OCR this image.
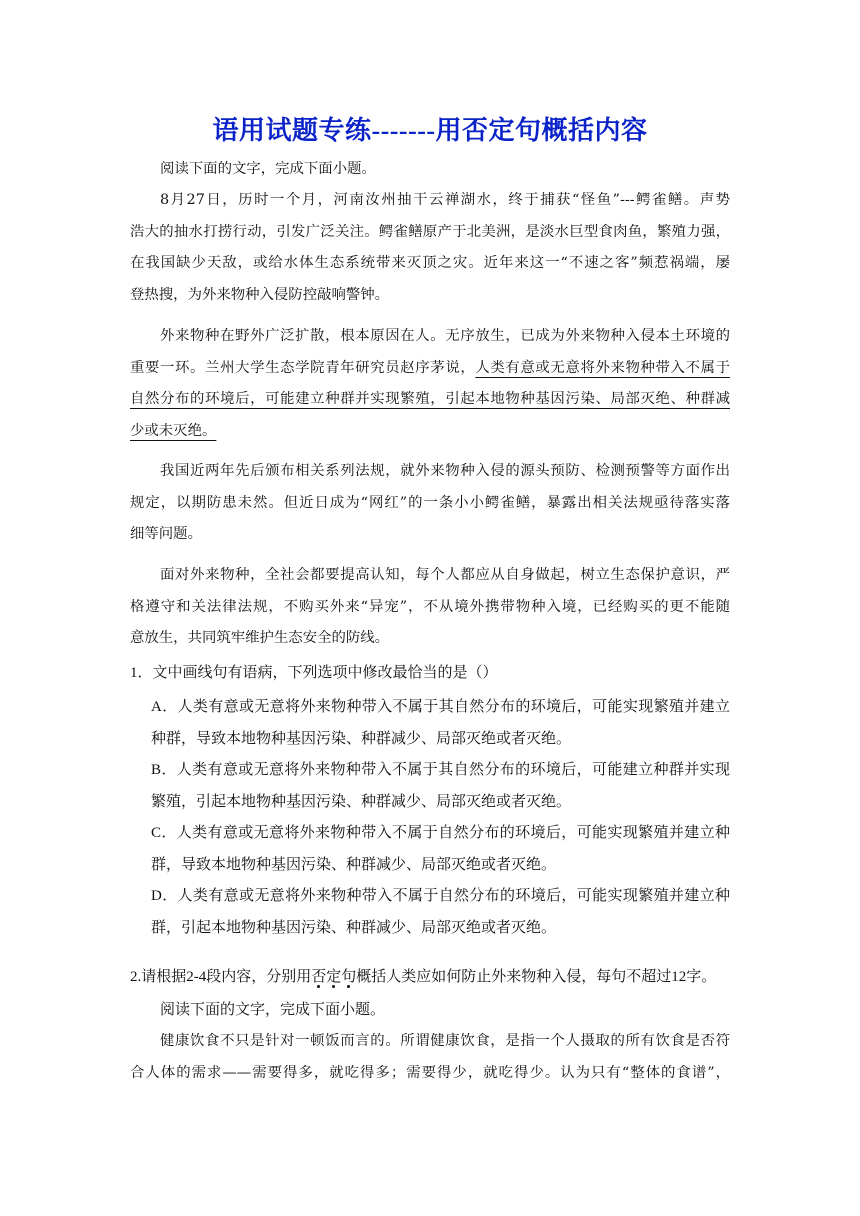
语用试题专练-------用否定句概括内容
阅读下面的文字，完成下面小题。
8月27日，历时一个月，河南汝州抽干云禅湖水，终于捕获“怪鱼”---鳄雀鳝。声势
浩大的抽水打捞行动，引发广泛关注。鳄雀鳝原产于北美洲，是淡水巨型食肉鱼，繁殖力强，
在我国缺少天敌，或给水体生态系统带来灭顶之灾。近年来这一“不速之客”频惹祸端，屡
登热搜，为外来物种入侵防控敲响警钟。
外来物种在野外广泛扩散，根本原因在人。无序放生，已成为外来物种入侵本土环境的
重要一环。兰州大学生态学院青年研究员赵序茅说，人类有意或无意将外来物种带入不属于
自然分布的环境后，可能建立种群并实现繁殖，引起本地物种基因污染、局部灭绝、种群减
少或未灭绝。
我国近两年先后颁布相关系列法规，就外来物种入侵的源头预防、检测预警等方面作出
规定，以期防患未然。但近日成为“网红”的一条小小鳄雀鳝，暴露出相关法规亟待落实落
细等问题。
面对外来物种，全社会都要提高认知，每个人都应从自身做起，树立生态保护意识，严
格遵守和关法律法规，不购买外来“异宠”，不从境外携带物种入境，已经购买的更不能随
意放生，共同筑牢维护生态安全的防线。
1．文中画线句有语病，下列选项中修改最恰当的是（）
A．人类有意或无意将外来物种带入不属于其自然分布的环境后，可能实现繁殖并建立
种群，导致本地物种基因污染、种群减少、局部灭绝或者灭绝。
B．人类有意或无意将外来物种带入不属于其自然分布的环境后，可能建立种群并实现
繁殖，引起本地物种基因污染、种群减少、局部灭绝或者灭绝。
C．人类有意或无意将外来物种带入不属于自然分布的环境后，可能实现繁殖并建立种
群，导致本地物种基因污染、种群减少、局部灭绝或者灭绝。
D．人类有意或无意将外来物种带入不属于自然分布的环境后，可能实现繁殖并建立种
群，引起本地物种基因污染、种群减少、局部灭绝或者灭绝。
2.请根据2-4段内容，分别用否定句概括人类应如何防止外来物种入侵，每句不超过12字。
阅读下面的文字，完成下面小题。
健康饮食不只是针对一顿饭而言的。所谓健康饮食，是指一个人摄取的所有饮食是否符
合人体的需求——需要得多，就吃得多；需要得少，就吃得少。认为只有“整体的食谱”，
